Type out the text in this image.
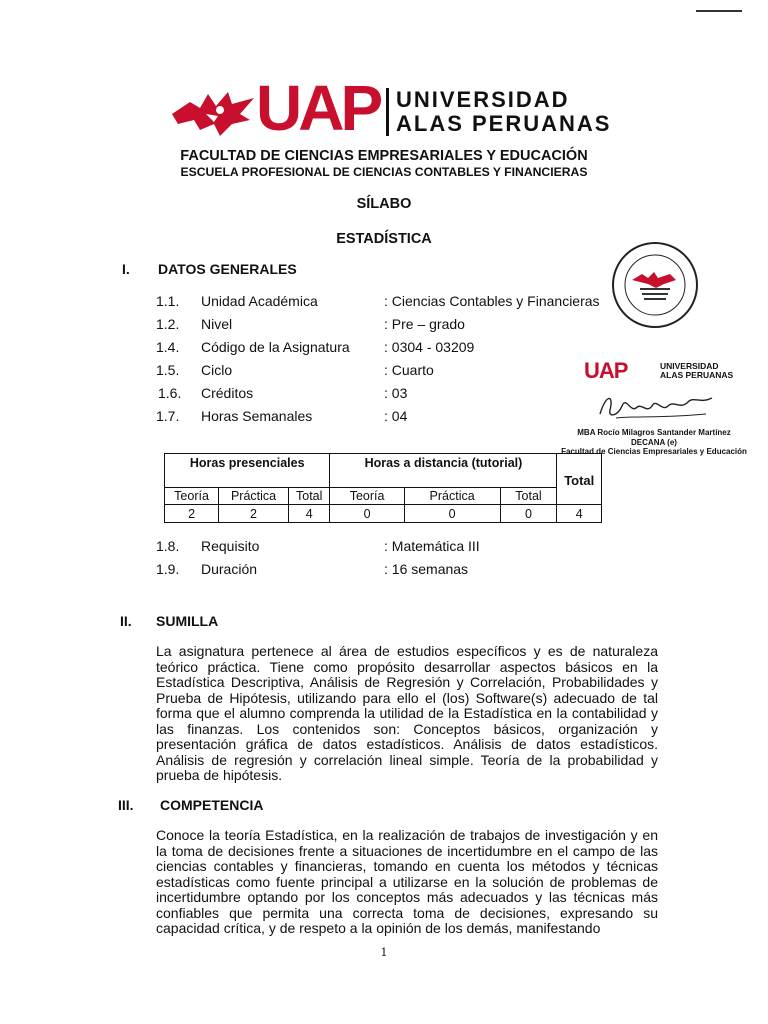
UAP UNIVERSIDAD
ALAS PERUANAS
FACULTAD DE CIENCIAS EMPRESARIALES Y EDUCACIÓN
ESCUELA PROFESIONAL DE CIENCIAS CONTABLES Y FINANCIERAS
SÍLABO
ESTADÍSTICA
I. DATOS GENERALES
1.1. Unidad Académica	: Ciencias Contables y Financieras
1.2. Nivel	: Pre – grado
1.4. Código de la Asignatura : 0304 - 03209
1.5. Ciclo	: Cuarto
1.6. Créditos	: 03
1.7. Horas Semanales	: 04
UAP	UNIVERSIDAD
ALAS PERUANAS
MBA Rocío Milagros Santander Martínez
DECANA (e)
Facultad de Ciencias Empresariales y Educación
Horas presenciales			Horas a distancia (tutorial)			Total
Teoría	Práctica	Total	Teoría	Práctica	Total	
2	2	4	0	0	0	4
1.8. Requisito	: Matemática III
1.9. Duración	: 16 semanas
II. SUMILLA
La asignatura pertenece al área de estudios específicos y es de naturaleza teórico práctica. Tiene como propósito desarrollar aspectos básicos en la Estadística Descriptiva, Análisis de Regresión y Correlación, Probabilidades y Prueba de Hipótesis, utilizando para ello el (los) Software(s) adecuado de tal forma que el alumno comprenda la utilidad de la Estadística en la contabilidad y las finanzas. Los contenidos son: Conceptos básicos, organización y presentación gráfica de datos estadísticos. Análisis de datos estadísticos. Análisis de regresión y correlación lineal simple. Teoría de la probabilidad y prueba de hipótesis.
III. COMPETENCIA
Conoce la teoría Estadística, en la realización de trabajos de investigación y en la toma de decisiones frente a situaciones de incertidumbre en el campo de las ciencias contables y financieras, tomando en cuenta los métodos y técnicas estadísticas como fuente principal a utilizarse en la solución de problemas de incertidumbre optando por los conceptos más adecuados y las técnicas más confiables que permita una correcta toma de decisiones, expresando su capacidad crítica, y de respeto a la opinión de los demás, manifestando
1
